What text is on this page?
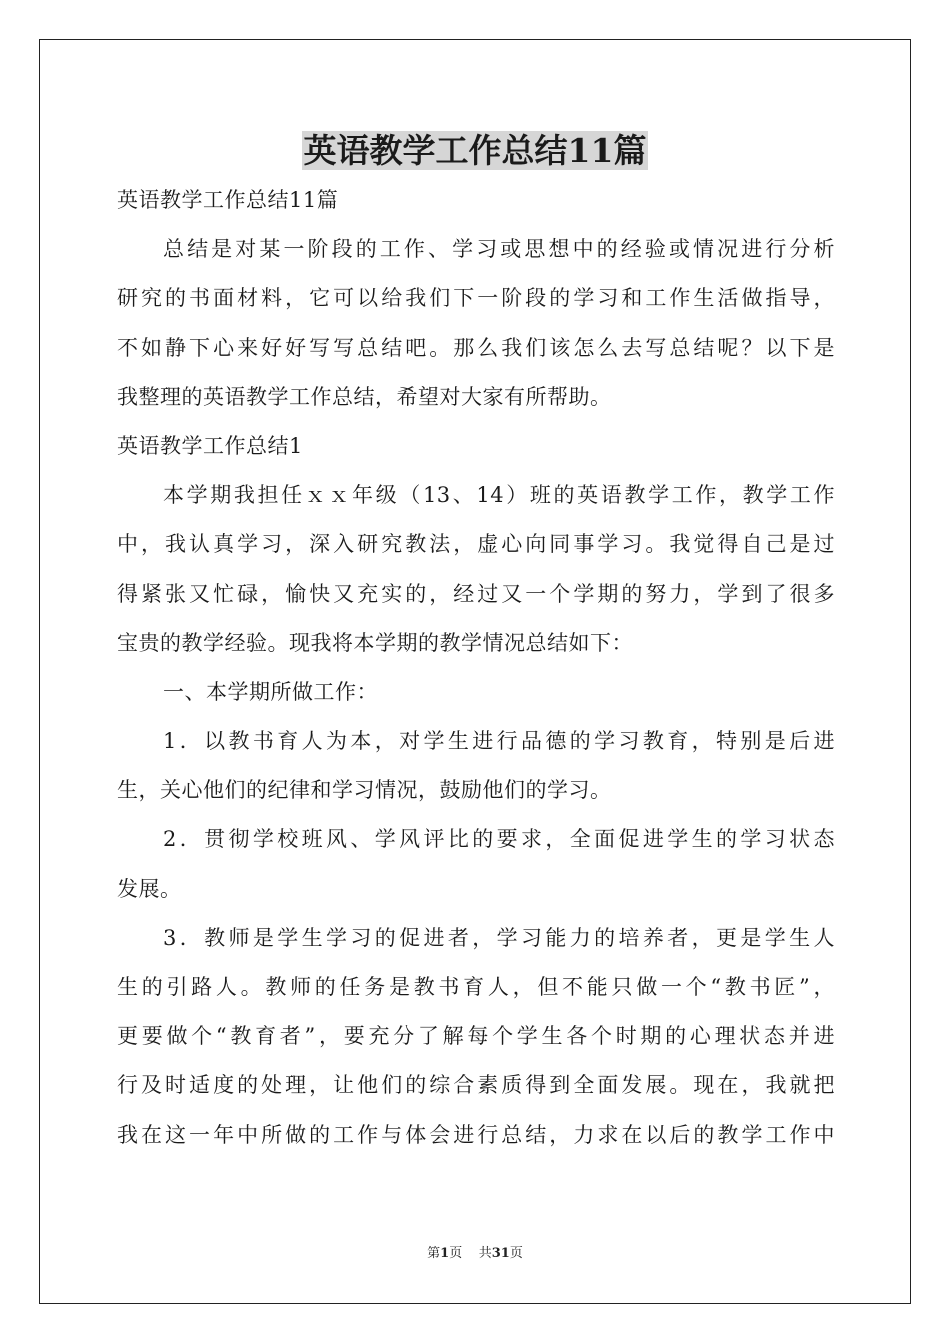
英语教学工作总结11篇
英语教学工作总结11篇
总结是对某一阶段的工作、学习或思想中的经验或情况进行分析
研究的书面材料，它可以给我们下一阶段的学习和工作生活做指导，
不如静下心来好好写写总结吧。那么我们该怎么去写总结呢？以下是
我整理的英语教学工作总结，希望对大家有所帮助。
英语教学工作总结1
本学期我担任ｘｘ年级（13、14）班的英语教学工作，教学工作
中，我认真学习，深入研究教法，虚心向同事学习。我觉得自己是过
得紧张又忙碌，愉快又充实的，经过又一个学期的努力，学到了很多
宝贵的教学经验。现我将本学期的教学情况总结如下：
一、本学期所做工作：
1．以教书育人为本，对学生进行品德的学习教育，特别是后进
生，关心他们的纪律和学习情况，鼓励他们的学习。
2．贯彻学校班风、学风评比的要求，全面促进学生的学习状态
发展。
3．教师是学生学习的促进者，学习能力的培养者，更是学生人
生的引路人。教师的任务是教书育人，但不能只做一个“教书匠”，
更要做个“教育者”，要充分了解每个学生各个时期的心理状态并进
行及时适度的处理，让他们的综合素质得到全面发展。现在，我就把
我在这一年中所做的工作与体会进行总结，力求在以后的教学工作中
第1页 共31页
